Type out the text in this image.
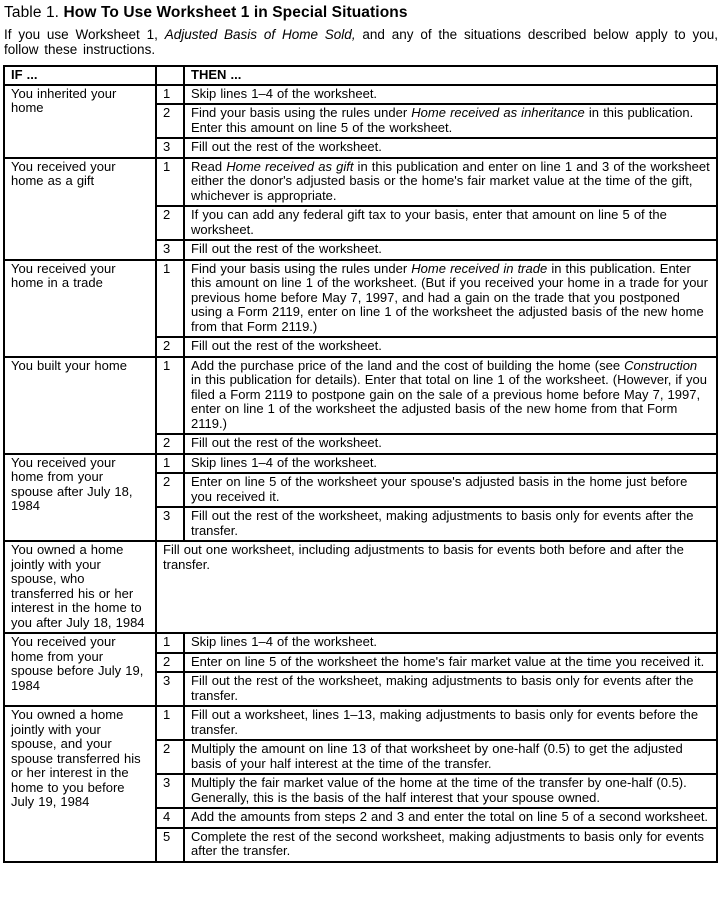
Table 1. How To Use Worksheet 1 in Special Situations

If you use Worksheet 1, Adjusted Basis of Home Sold, and any of the situations described below apply to you, follow these instructions.

IF ...		THEN ...
You inherited your home	1	Skip lines 1–4 of the worksheet.
	2	Find your basis using the rules under Home received as inheritance in this publication. Enter this amount on line 5 of the worksheet.
	3	Fill out the rest of the worksheet.
You received your home as a gift	1	Read Home received as gift in this publication and enter on line 1 and 3 of the worksheet either the donor's adjusted basis or the home's fair market value at the time of the gift, whichever is appropriate.
	2	If you can add any federal gift tax to your basis, enter that amount on line 5 of the worksheet.
	3	Fill out the rest of the worksheet.
You received your home in a trade	1	Find your basis using the rules under Home received in trade in this publication. Enter this amount on line 1 of the worksheet. (But if you received your home in a trade for your previous home before May 7, 1997, and had a gain on the trade that you postponed using a Form 2119, enter on line 1 of the worksheet the adjusted basis of the new home from that Form 2119.)
	2	Fill out the rest of the worksheet.
You built your home	1	Add the purchase price of the land and the cost of building the home (see Construction in this publication for details). Enter that total on line 1 of the worksheet. (However, if you filed a Form 2119 to postpone gain on the sale of a previous home before May 7, 1997, enter on line 1 of the worksheet the adjusted basis of the new home from that Form 2119.)
	2	Fill out the rest of the worksheet.
You received your home from your spouse after July 18, 1984	1	Skip lines 1–4 of the worksheet.
	2	Enter on line 5 of the worksheet your spouse's adjusted basis in the home just before you received it.
	3	Fill out the rest of the worksheet, making adjustments to basis only for events after the transfer.
You owned a home jointly with your spouse, who transferred his or her interest in the home to you after July 18, 1984	Fill out one worksheet, including adjustments to basis for events both before and after the transfer.	
You received your home from your spouse before July 19, 1984	1	Skip lines 1–4 of the worksheet.
	2	Enter on line 5 of the worksheet the home's fair market value at the time you received it.
	3	Fill out the rest of the worksheet, making adjustments to basis only for events after the transfer.
You owned a home jointly with your spouse, and your spouse transferred his or her interest in the home to you before July 19, 1984	1	Fill out a worksheet, lines 1–13, making adjustments to basis only for events before the transfer.
	2	Multiply the amount on line 13 of that worksheet by one-half (0.5) to get the adjusted basis of your half interest at the time of the transfer.
	3	Multiply the fair market value of the home at the time of the transfer by one-half (0.5). Generally, this is the basis of the half interest that your spouse owned.
	4	Add the amounts from steps 2 and 3 and enter the total on line 5 of a second worksheet.
	5	Complete the rest of the second worksheet, making adjustments to basis only for events after the transfer.
